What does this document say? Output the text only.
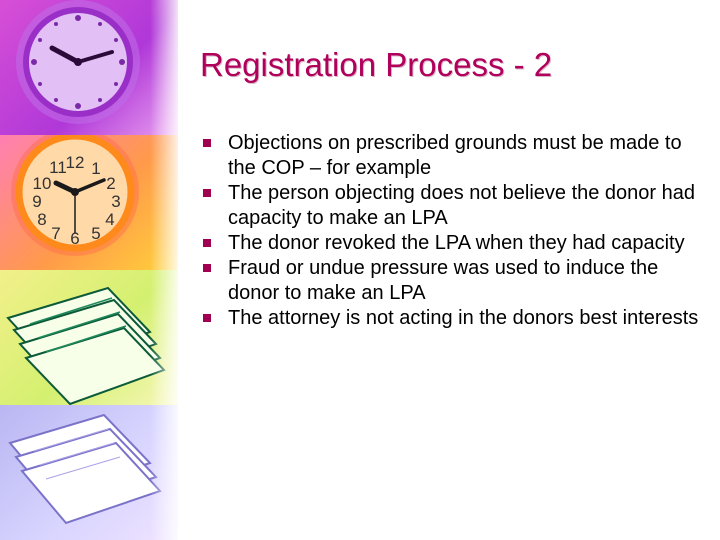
12 1
2
3
4
5
6
7
8
9
10
11
Registration Process - 2
Objections on prescribed grounds must be made to the COP – for example
The person objecting does not believe the donor had capacity to make an LPA
The donor revoked the LPA when they had capacity
Fraud or undue pressure was used to induce the donor to make an LPA
The attorney is not acting in the donors best interests
